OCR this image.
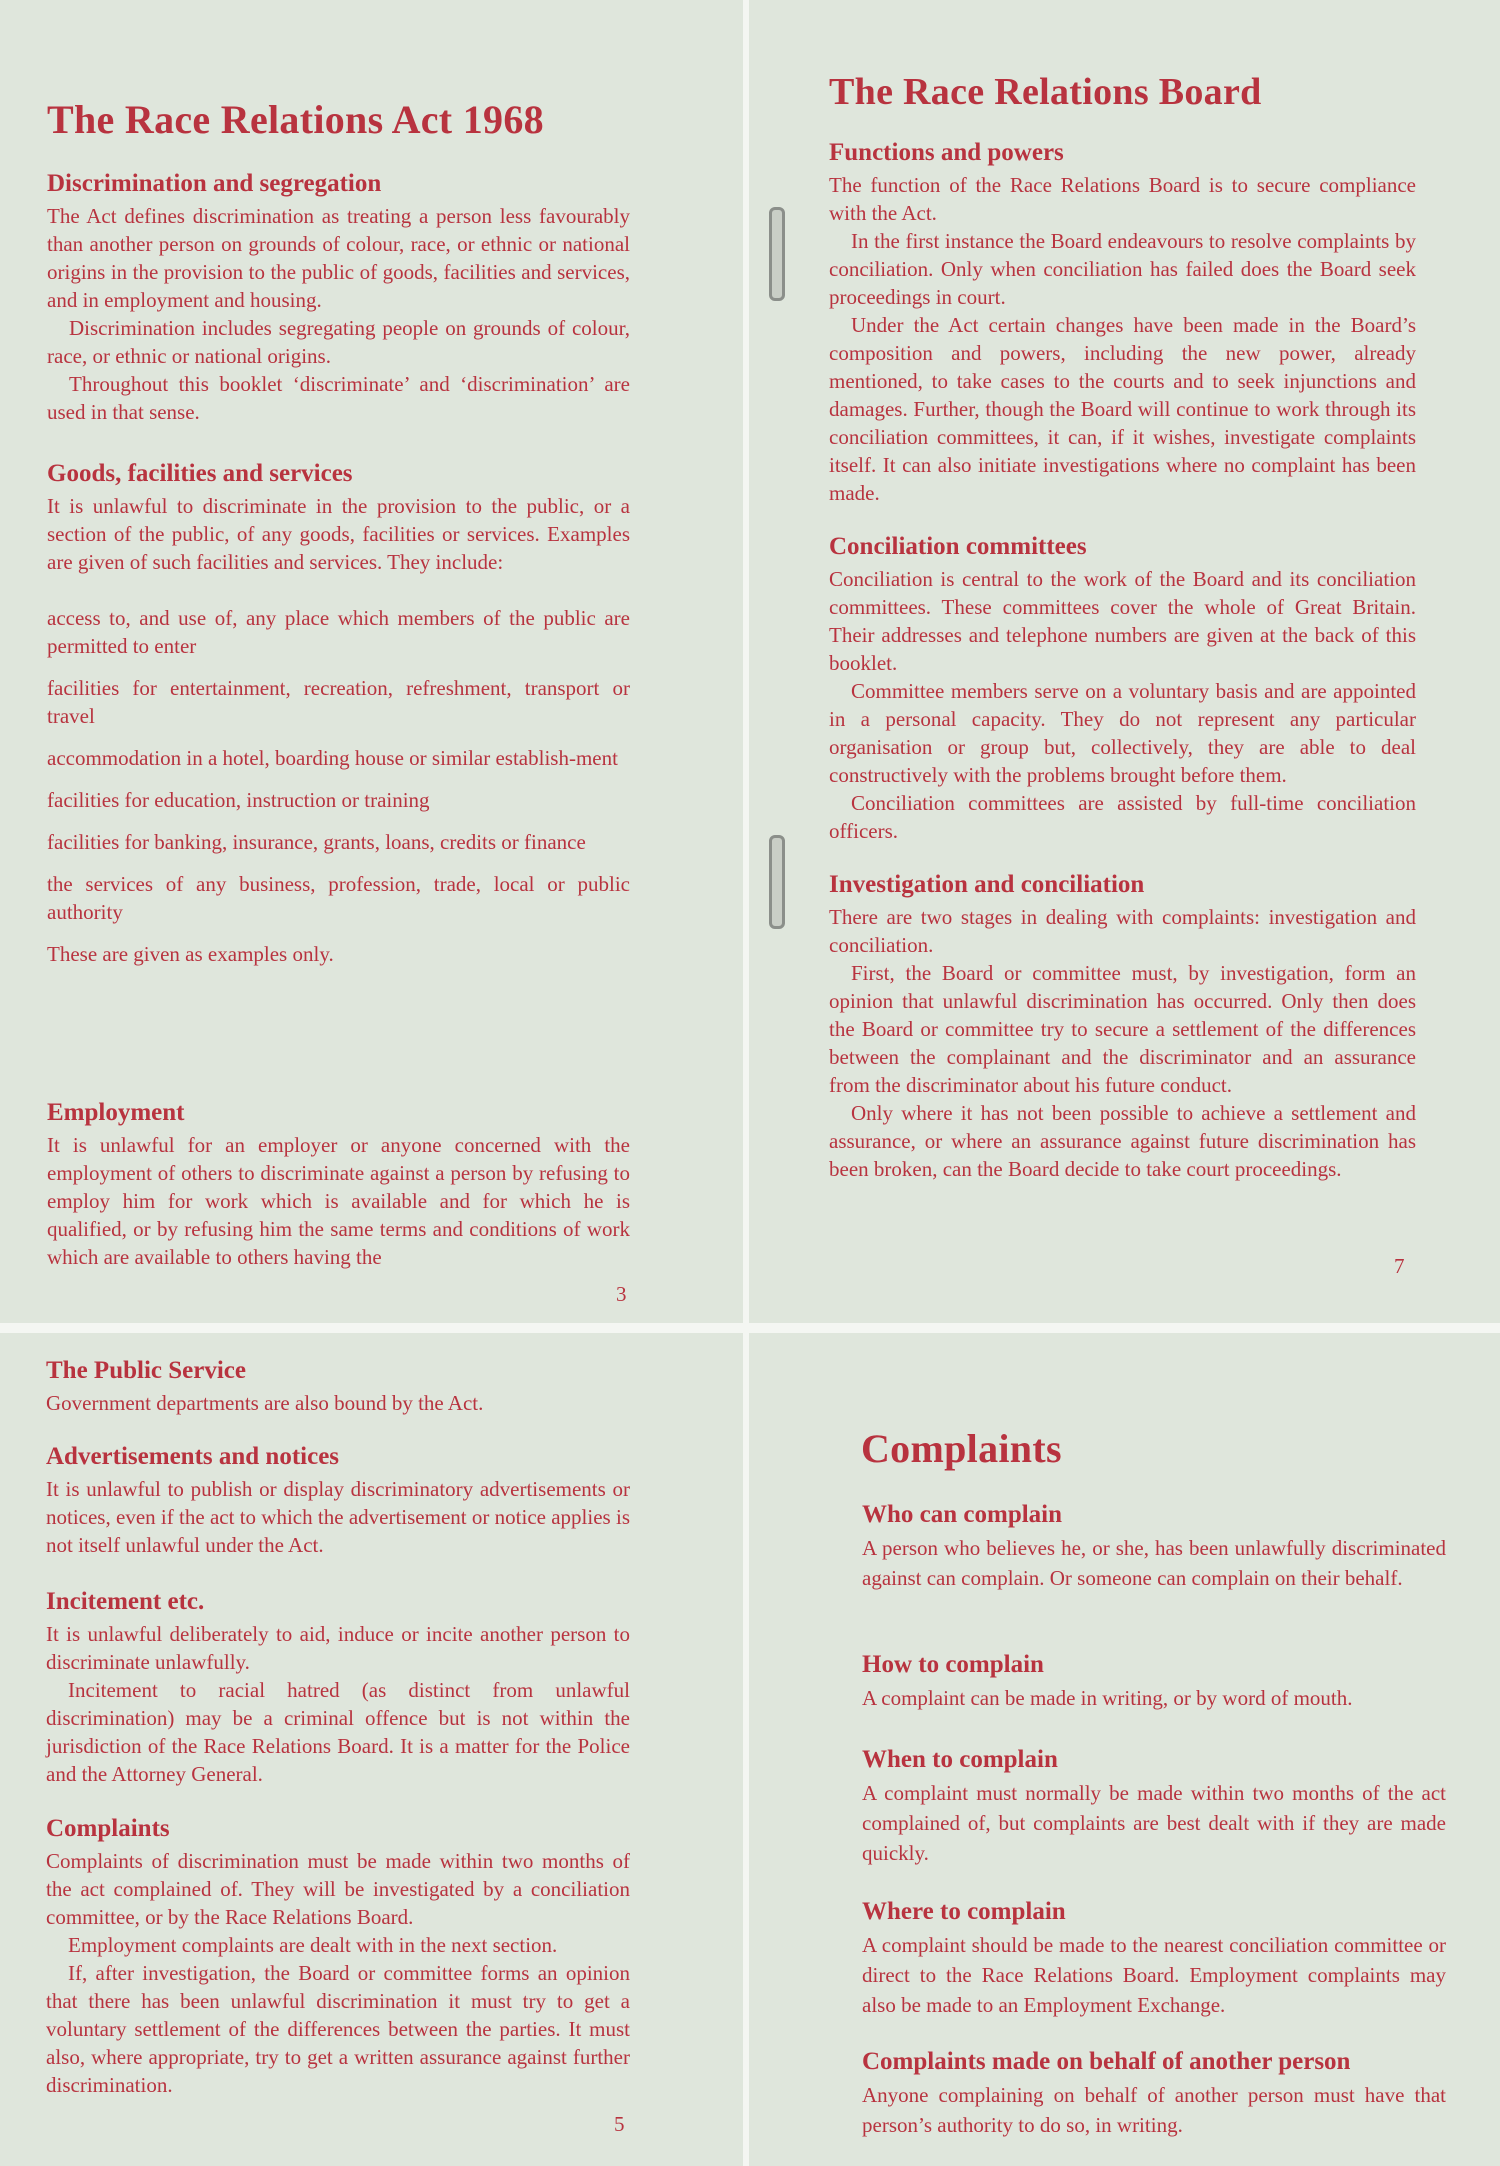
The Race Relations Act 1968
Discrimination and segregation

The Act defines discrimination as treating a person less favourably than another person on grounds of colour, race, or ethnic or national origins in the provision to the public of goods, facilities and services, and in employment and housing.

Discrimination includes segregating people on grounds of colour, race, or ethnic or national origins.

Throughout this booklet ‘discriminate’ and ‘discrimination’ are used in that sense.

Goods, facilities and services

It is unlawful to discriminate in the provision to the public, or a section of the public, of any goods, facilities or services. Examples are given of such facilities and services. They include:

access to, and use of, any place which members of the public are permitted to enter

facilities for entertainment, recreation, refreshment, transport or travel

accommodation in a hotel, boarding house or similar establish-ment

facilities for education, instruction or training

facilities for banking, insurance, grants, loans, credits or finance

the services of any business, profession, trade, local or public authority

These are given as examples only.

Employment

It is unlawful for an employer or anyone concerned with the employment of others to discriminate against a person by refusing to employ him for work which is available and for which he is qualified, or by refusing him the same terms and conditions of work which are available to others having the

3
The Race Relations Board
Functions and powers

The function of the Race Relations Board is to secure compliance with the Act.

In the first instance the Board endeavours to resolve complaints by conciliation. Only when conciliation has failed does the Board seek proceedings in court.

Under the Act certain changes have been made in the Board’s composition and powers, including the new power, already mentioned, to take cases to the courts and to seek injunctions and damages. Further, though the Board will continue to work through its conciliation committees, it can, if it wishes, investigate complaints itself. It can also initiate investigations where no complaint has been made.

Conciliation committees

Conciliation is central to the work of the Board and its conciliation committees. These committees cover the whole of Great Britain. Their addresses and telephone numbers are given at the back of this booklet.

Committee members serve on a voluntary basis and are appointed in a personal capacity. They do not represent any particular organisation or group but, collectively, they are able to deal constructively with the problems brought before them.

Conciliation committees are assisted by full-time conciliation officers.

Investigation and conciliation

There are two stages in dealing with complaints: investigation and conciliation.

First, the Board or committee must, by investigation, form an opinion that unlawful discrimination has occurred. Only then does the Board or committee try to secure a settlement of the differences between the complainant and the discriminator and an assurance from the discriminator about his future conduct.

Only where it has not been possible to achieve a settlement and assurance, or where an assurance against future discrimination has been broken, can the Board decide to take court proceedings.

7
The Public Service

Government departments are also bound by the Act.

Advertisements and notices

It is unlawful to publish or display discriminatory advertisements or notices, even if the act to which the advertisement or notice applies is not itself unlawful under the Act.

Incitement etc.

It is unlawful deliberately to aid, induce or incite another person to discriminate unlawfully.

Incitement to racial hatred (as distinct from unlawful discrimination) may be a criminal offence but is not within the jurisdiction of the Race Relations Board. It is a matter for the Police and the Attorney General.

Complaints

Complaints of discrimination must be made within two months of the act complained of. They will be investigated by a conciliation committee, or by the Race Relations Board.

Employment complaints are dealt with in the next section.

If, after investigation, the Board or committee forms an opinion that there has been unlawful discrimination it must try to get a voluntary settlement of the differences between the parties. It must also, where appropriate, try to get a written assurance against further discrimination.

5
Complaints
Who can complain

A person who believes he, or she, has been unlawfully discriminated against can complain. Or someone can complain on their behalf.

How to complain

A complaint can be made in writing, or by word of mouth.

When to complain

A complaint must normally be made within two months of the act complained of, but complaints are best dealt with if they are made quickly.

Where to complain

A complaint should be made to the nearest conciliation committee or direct to the Race Relations Board. Employment complaints may also be made to an Employment Exchange.

Complaints made on behalf of another person

Anyone complaining on behalf of another person must have that person’s authority to do so, in writing.
